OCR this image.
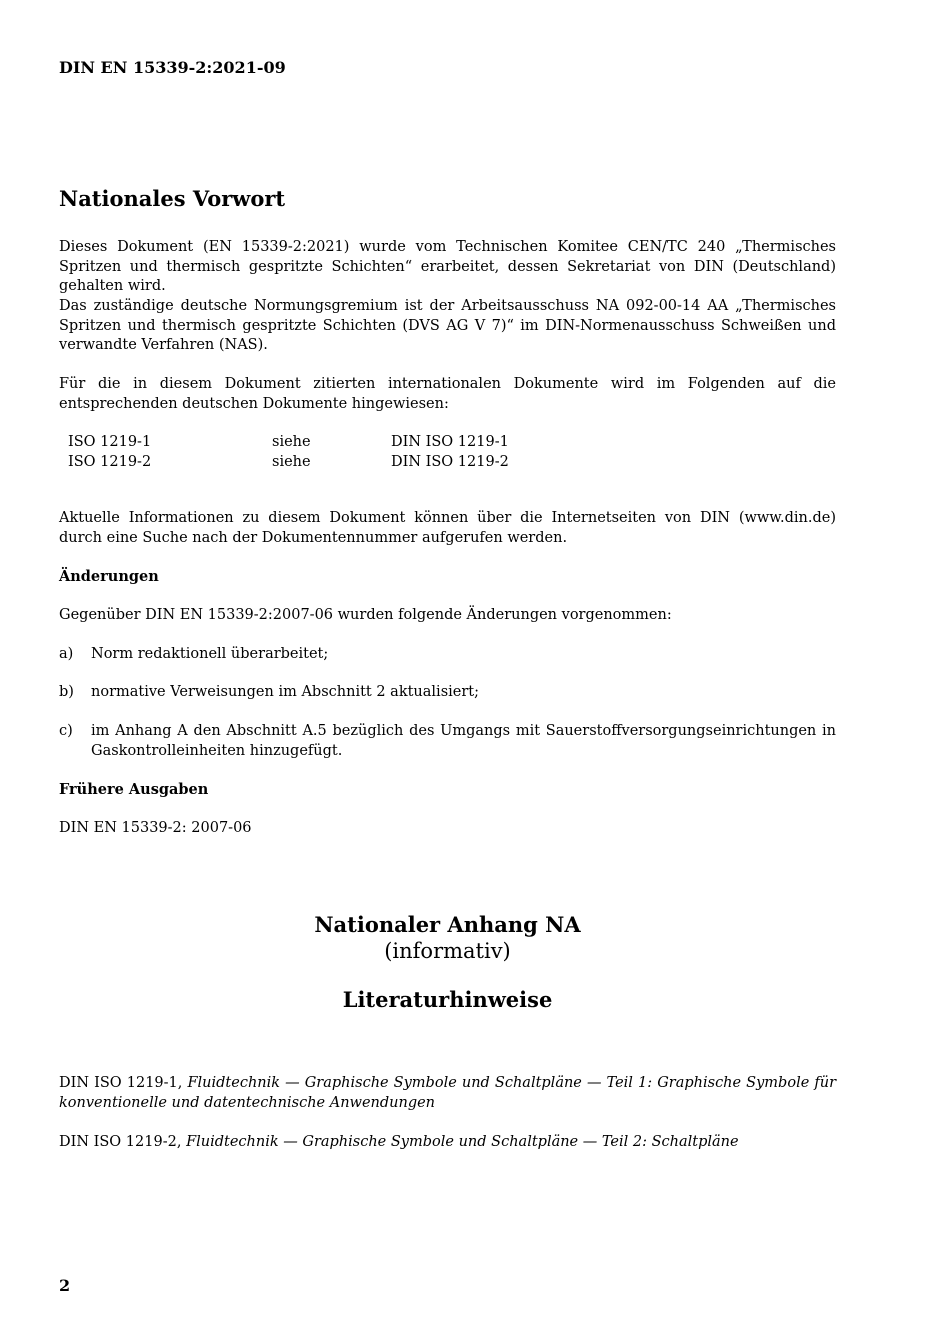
DIN EN 15339-2:2021-09

Nationales Vorwort

Dieses Dokument (EN 15339-2:2021) wurde vom Technischen Komitee CEN/TC 240 „Thermisches Spritzen und thermisch gespritzte Schichten“ erarbeitet, dessen Sekretariat von DIN (Deutschland) gehalten wird.

Das zuständige deutsche Normungsgremium ist der Arbeitsausschuss NA 092-00-14 AA „Thermisches Spritzen und thermisch gespritzte Schichten (DVS AG V 7)“ im DIN-Normenausschuss Schweißen und verwandte Verfahren (NAS).

Für die in diesem Dokument zitierten internationalen Dokumente wird im Folgenden auf die entsprechenden deutschen Dokumente hingewiesen:

ISO 1219-1	siehe	DIN ISO 1219-1
ISO 1219-2	siehe	DIN ISO 1219-2

Aktuelle Informationen zu diesem Dokument können über die Internetseiten von DIN (www.din.de) durch eine Suche nach der Dokumentennummer aufgerufen werden.

Änderungen

Gegenüber DIN EN 15339-2:2007-06 wurden folgende Änderungen vorgenommen:

a)	Norm redaktionell überarbeitet;
b)	normative Verweisungen im Abschnitt 2 aktualisiert;
c)	im Anhang A den Abschnitt A.5 bezüglich des Umgangs mit Sauerstoffversorgungseinrichtungen in Gaskontrolleinheiten hinzugefügt.

Frühere Ausgaben

DIN EN 15339-2: 2007-06

Nationaler Anhang NA

(informativ)

Literaturhinweise

DIN ISO 1219-1, Fluidtechnik — Graphische Symbole und Schaltpläne — Teil 1: Graphische Symbole für konventionelle und datentechnische Anwendungen

DIN ISO 1219-2, Fluidtechnik — Graphische Symbole und Schaltpläne — Teil 2: Schaltpläne

2
